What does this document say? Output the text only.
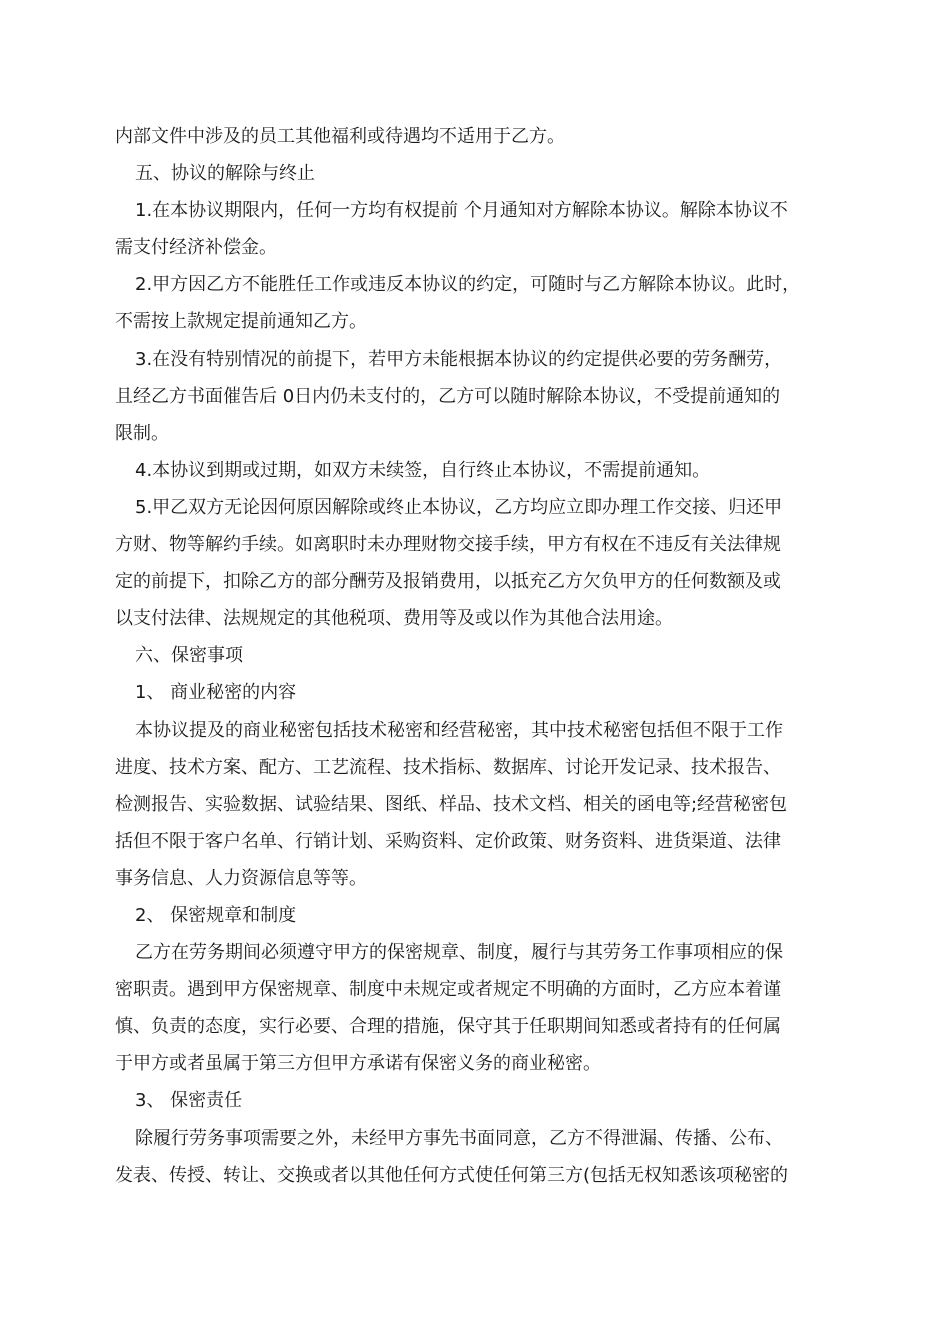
内部文件中涉及的员工其他福利或待遇均不适用于乙方。

五、协议的解除与终止

1.在本协议期限内，任何一方均有权提前 个月通知对方解除本协议。解除本协议不

需支付经济补偿金。

2.甲方因乙方不能胜任工作或违反本协议的约定，可随时与乙方解除本协议。此时，

不需按上款规定提前通知乙方。

3.在没有特别情况的前提下，若甲方未能根据本协议的约定提供必要的劳务酬劳，

且经乙方书面催告后 0日内仍未支付的，乙方可以随时解除本协议，不受提前通知的

限制。

4.本协议到期或过期，如双方未续签，自行终止本协议，不需提前通知。

5.甲乙双方无论因何原因解除或终止本协议，乙方均应立即办理工作交接、归还甲

方财、物等解约手续。如离职时未办理财物交接手续，甲方有权在不违反有关法律规

定的前提下，扣除乙方的部分酬劳及报销费用，以抵充乙方欠负甲方的任何数额及或

以支付法律、法规规定的其他税项、费用等及或以作为其他合法用途。

六、保密事项

1、 商业秘密的内容

本协议提及的商业秘密包括技术秘密和经营秘密，其中技术秘密包括但不限于工作

进度、技术方案、配方、工艺流程、技术指标、数据库、讨论开发记录、技术报告、

检测报告、实验数据、试验结果、图纸、样品、技术文档、相关的函电等;经营秘密包

括但不限于客户名单、行销计划、采购资料、定价政策、财务资料、进货渠道、法律

事务信息、人力资源信息等等。

2、 保密规章和制度

乙方在劳务期间必须遵守甲方的保密规章、制度，履行与其劳务工作事项相应的保

密职责。遇到甲方保密规章、制度中未规定或者规定不明确的方面时，乙方应本着谨

慎、负责的态度，实行必要、合理的措施，保守其于任职期间知悉或者持有的任何属

于甲方或者虽属于第三方但甲方承诺有保密义务的商业秘密。

3、 保密责任

除履行劳务事项需要之外，未经甲方事先书面同意，乙方不得泄漏、传播、公布、

发表、传授、转让、交换或者以其他任何方式使任何第三方(包括无权知悉该项秘密的
